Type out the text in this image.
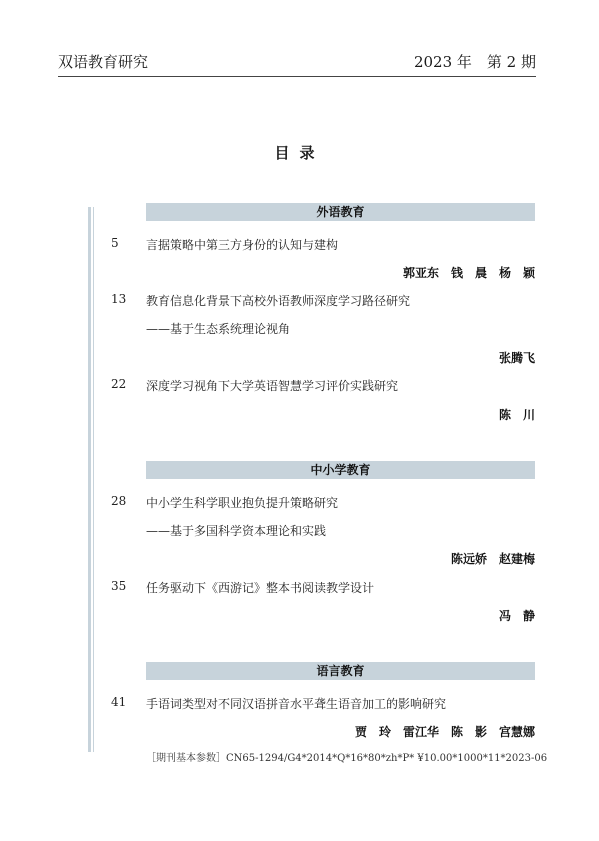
双语教育研究	2023 年　第 2 期
目录
外语教育
5 言据策略中第三方身份的认知与建构
郭亚东　钱　晨　杨　颖
13 教育信息化背景下高校外语教师深度学习路径研究
——基于生态系统理论视角
张腾飞
22 深度学习视角下大学英语智慧学习评价实践研究
陈　川
中小学教育
28 中小学生科学职业抱负提升策略研究
——基于多国科学资本理论和实践
陈远娇　赵建梅
35 任务驱动下《西游记》整本书阅读教学设计
冯　静
语言教育
41 手语词类型对不同汉语拼音水平聋生语音加工的影响研究
贾　玲　雷江华　陈　影　宫慧娜
［期刊基本参数］CN65-1294/G4*2014*Q*16*80*zh*P* ¥10.00*1000*11*2023-06
